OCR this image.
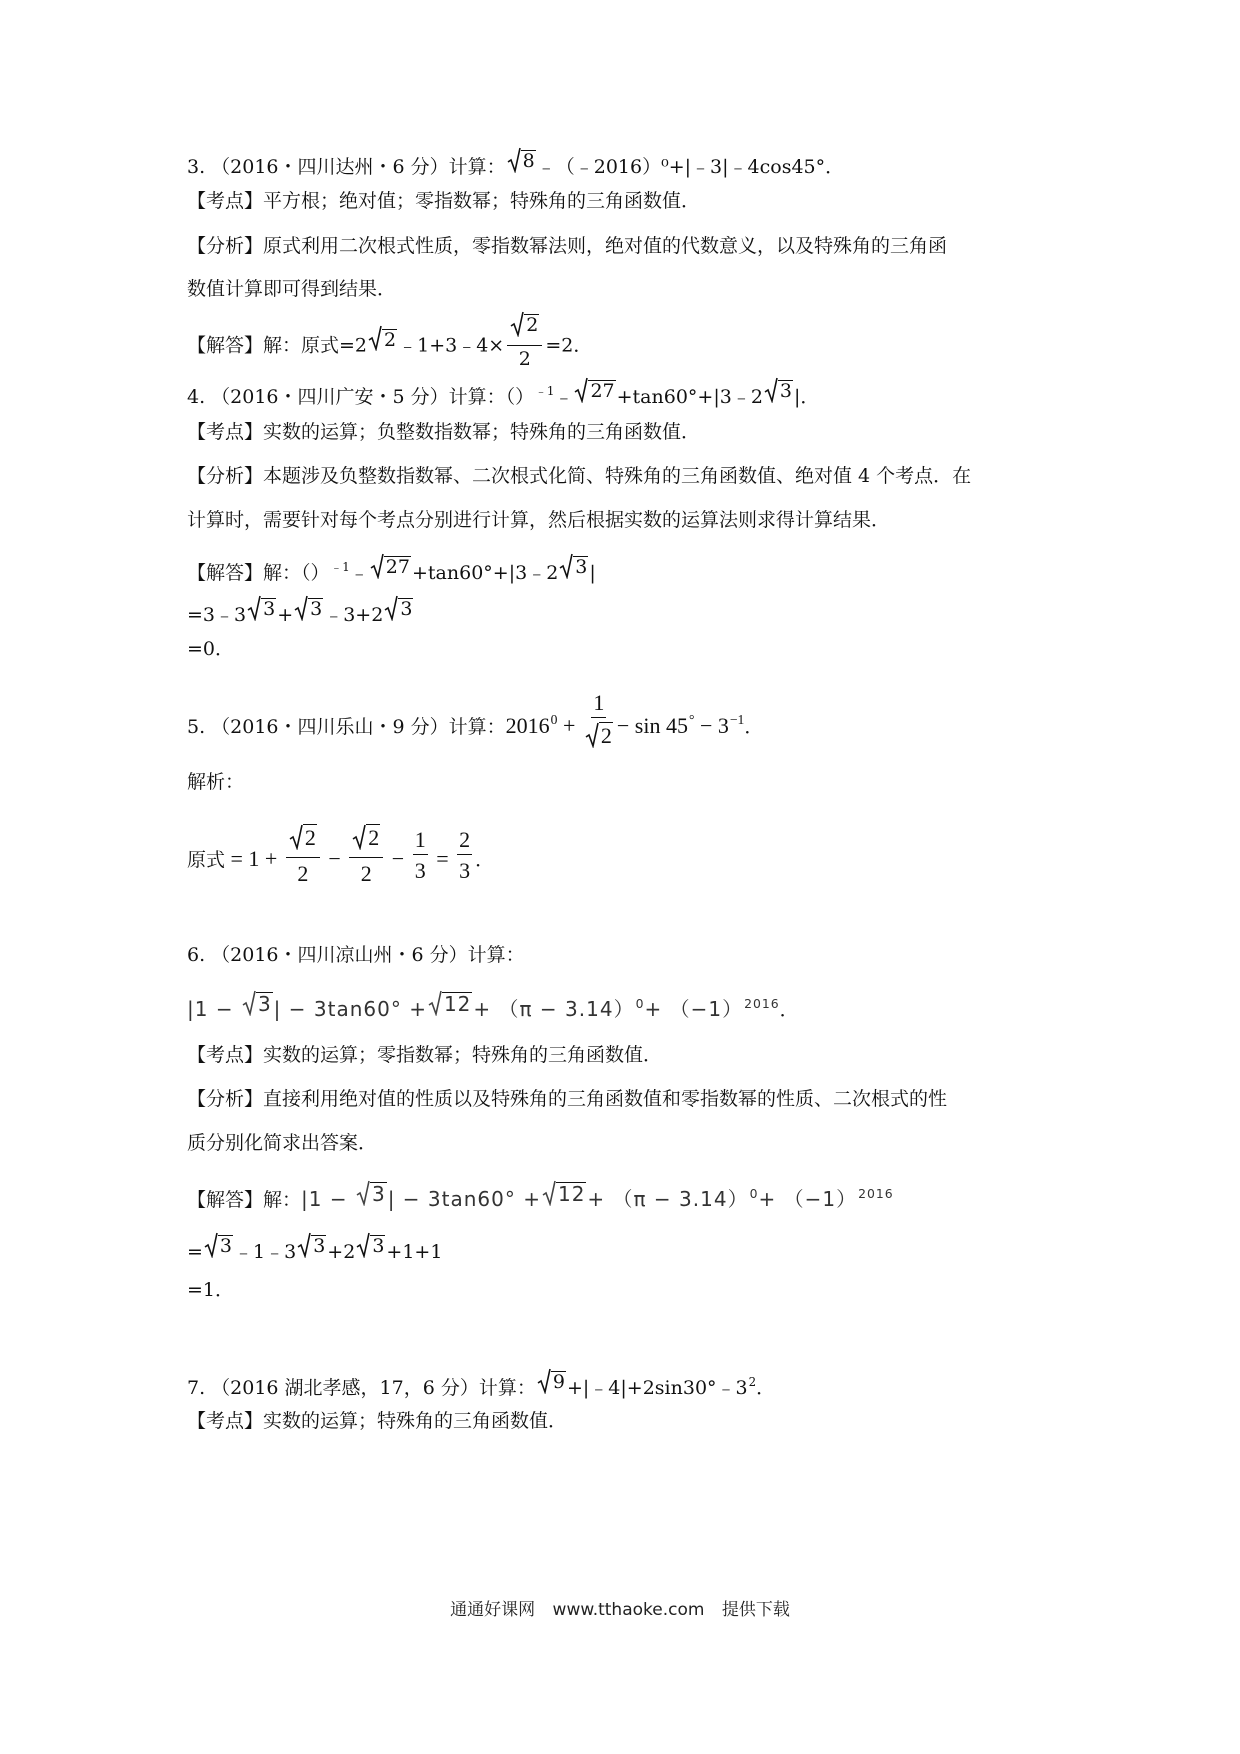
3. （2016・四川达州・6 分）计算： 8 ﹣（﹣2016）⁰+|﹣3|﹣4cos45°．
【考点】平方根；绝对值；零指数幂；特殊角的三角函数值．
【分析】原式利用二次根式性质，零指数幂法则，绝对值的代数意义，以及特殊角的三角函
数值计算即可得到结果．
【解答】解：原式=2 2 ﹣1+3﹣4× $\frac{2}{2} =2$．
4. （2016・四川广安・5 分）计算：（）$^{﹣1}$﹣ 27 +tan60°+|3﹣2 3 |．
【考点】实数的运算；负整数指数幂；特殊角的三角函数值．
【分析】本题涉及负整数指数幂、二次根式化简、特殊角的三角函数值、绝对值 4 个考点．在
计算时，需要针对每个考点分别进行计算，然后根据实数的运算法则求得计算结果．
【解答】解：（）$^{﹣1}$﹣ 27 +tan60°+|3﹣2 3 |
=3﹣3 3 + 3 ﹣3+2 3
=0．
5. （2016・四川乐山・9 分）计算：$2016^0 + \frac{1}{2} - \sin 45^\circ - 3^{-1}$．
解析：
原式 = $1 + \frac{2}{2} - \frac{2}{2} - \frac{1}{3} = \frac{2}{3}$ ．
6. （2016・四川凉山州・6 分）计算：
|1 − 3 | − $3\tan 60^\circ + 12 + (\pi - 3.14)^0+ (-1)^{2016}$．
【考点】实数的运算；零指数幂；特殊角的三角函数值．
【分析】直接利用绝对值的性质以及特殊角的三角函数值和零指数幂的性质、二次根式的性
质分别化简求出答案．
【解答】解：|1 − 3 | − $3\tan 60^\circ + 12 + (\pi - 3.14)^0+ (-1)^{2016}$
= 3 ﹣1﹣3 3 +2 3 +1+1
=1．
7. （2016 湖北孝感，17，6 分）计算： $9 +|﹣4|+2\sin 30^\circ﹣3^2$．
【考点】实数的运算；特殊角的三角函数值．
通通好课网 www.tthaoke.com 提供下载
